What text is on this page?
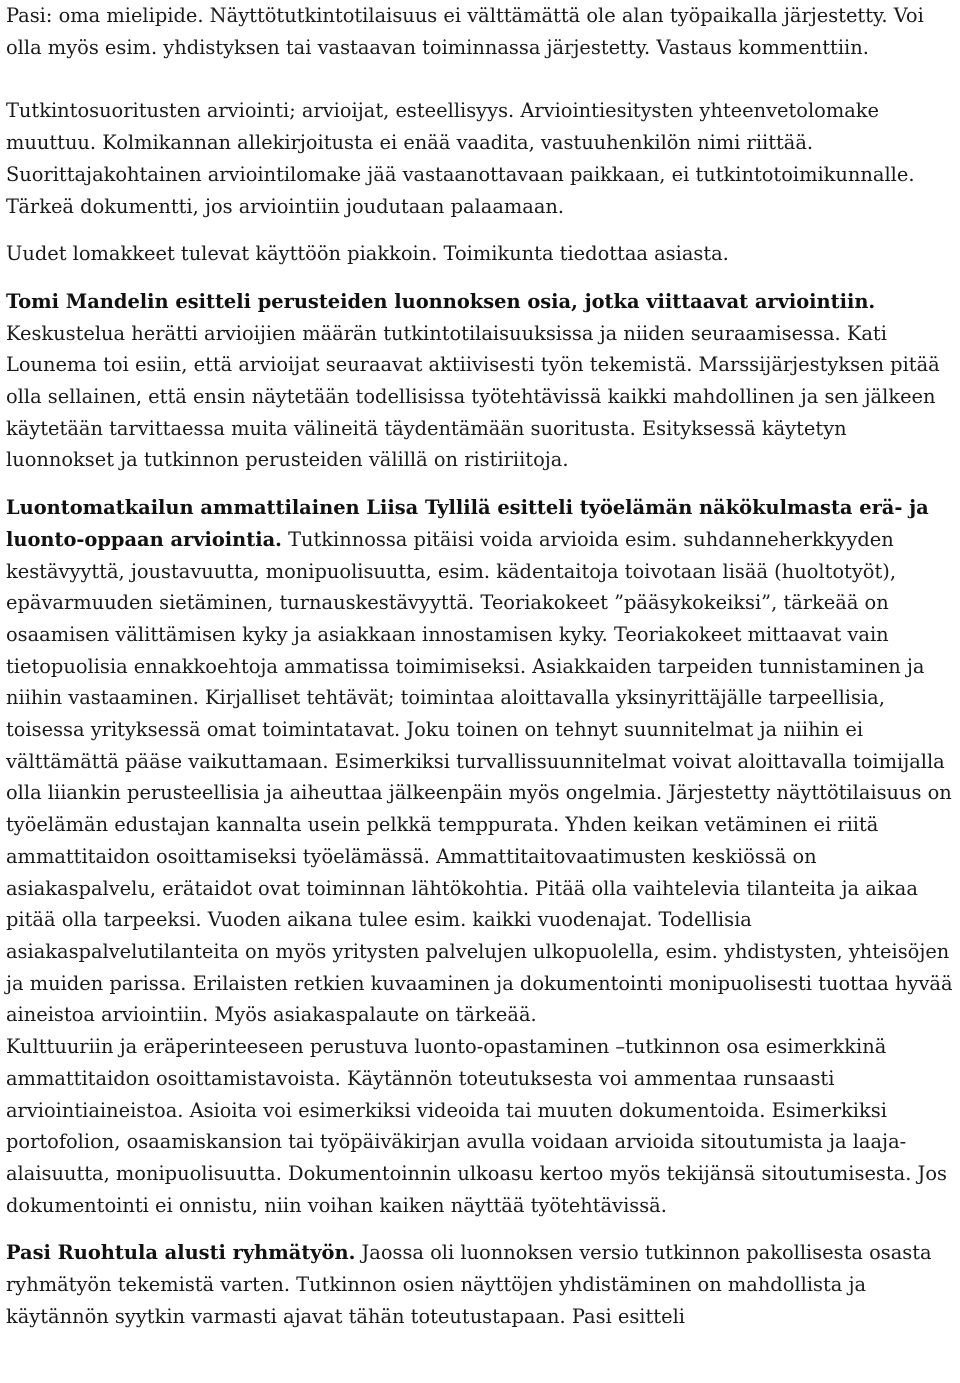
Pasi: oma mielipide. Näyttötutkintotilaisuus ei välttämättä ole alan työpaikalla järjestetty. Voi olla myös esim. yhdistyksen tai vastaavan toiminnassa järjestetty. Vastaus kommenttiin.

Tutkintosuoritusten arviointi; arvioijat, esteellisyys. Arviointiesitysten yhteenvetolomake muuttuu. Kolmikannan allekirjoitusta ei enää vaadita, vastuuhenkilön nimi riittää. Suorittajakohtainen arviointilomake jää vastaanottavaan paikkaan, ei tutkintotoimikunnalle. Tärkeä dokumentti, jos arviointiin joudutaan palaamaan.

Uudet lomakkeet tulevat käyttöön piakkoin. Toimikunta tiedottaa asiasta.

Tomi Mandelin esitteli perusteiden luonnoksen osia, jotka viittaavat arviointiin. Keskustelua herätti arvioijien määrän tutkintotilaisuuksissa ja niiden seuraamisessa. Kati Lounema toi esiin, että arvioijat seuraavat aktiivisesti työn tekemistä. Marssijärjestyksen pitää olla sellainen, että ensin näytetään todellisissa työtehtävissä kaikki mahdollinen ja sen jälkeen käytetään tarvittaessa muita välineitä täydentämään suoritusta. Esityksessä käytetyn luonnokset ja tutkinnon perusteiden välillä on ristiriitoja.

Luontomatkailun ammattilainen Liisa Tyllilä esitteli työelämän näkökulmasta erä- ja luonto-oppaan arviointia. Tutkinnossa pitäisi voida arvioida esim. suhdanneherkkyyden kestävyyttä, joustavuutta, monipuolisuutta, esim. kädentaitoja toivotaan lisää (huoltotyöt), epävarmuuden sietäminen, turnauskestävyyttä. Teoriakokeet ”pääsykokeiksi”, tärkeää on osaamisen välittämisen kyky ja asiakkaan innostamisen kyky. Teoriakokeet mittaavat vain tietopuolisia ennakkoehtoja ammatissa toimimiseksi. Asiakkaiden tarpeiden tunnistaminen ja niihin vastaaminen. Kirjalliset tehtävät; toimintaa aloittavalla yksinyrittäjälle tarpeellisia, toisessa yrityksessä omat toimintatavat. Joku toinen on tehnyt suunnitelmat ja niihin ei välttämättä pääse vaikuttamaan. Esimerkiksi turvallissuunnitelmat voivat aloittavalla toimijalla olla liiankin perusteellisia ja aiheuttaa jälkeenpäin myös ongelmia. Järjestetty näyttötilaisuus on työelämän edustajan kannalta usein pelkkä temppurata. Yhden keikan vetäminen ei riitä ammattitaidon osoittamiseksi työelämässä. Ammattitaitovaatimusten keskiössä on asiakaspalvelu, erätaidot ovat toiminnan lähtökohtia. Pitää olla vaihtelevia tilanteita ja aikaa pitää olla tarpeeksi. Vuoden aikana tulee esim. kaikki vuodenajat. Todellisia asiakaspalvelutilanteita on myös yritysten palvelujen ulkopuolella, esim. yhdistysten, yhteisöjen ja muiden parissa. Erilaisten retkien kuvaaminen ja dokumentointi monipuolisesti tuottaa hyvää aineistoa arviointiin. Myös asiakaspalaute on tärkeää.

Kulttuuriin ja eräperinteeseen perustuva luonto-opastaminen –tutkinnon osa esimerkkinä ammattitaidon osoittamistavoista. Käytännön toteutuksesta voi ammentaa runsaasti arviointiaineistoa. Asioita voi esimerkiksi videoida tai muuten dokumentoida. Esimerkiksi portofolion, osaamiskansion tai työpäiväkirjan avulla voidaan arvioida sitoutumista ja laaja-alaisuutta, monipuolisuutta. Dokumentoinnin ulkoasu kertoo myös tekijänsä sitoutumisesta. Jos dokumentointi ei onnistu, niin voihan kaiken näyttää työtehtävissä.

Pasi Ruohtula alusti ryhmätyön. Jaossa oli luonnoksen versio tutkinnon pakollisesta osasta ryhmätyön tekemistä varten. Tutkinnon osien näyttöjen yhdistäminen on mahdollista ja käytännön syytkin varmasti ajavat tähän toteutustapaan. Pasi esitteli
